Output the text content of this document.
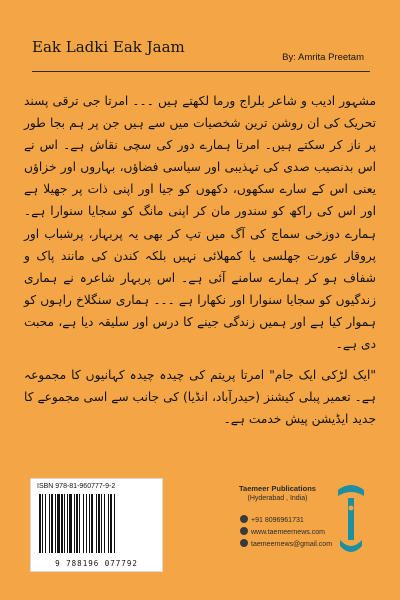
Eak Ladki Eak Jaam
By: Amrita Preetam

مشہور ادیب و شاعر بلراج ورما لکھتے ہیں ۔۔۔ امرتا جی ترقی پسند تحریک کی ان روشن ترین شخصیات میں سے ہیں جن پر ہم بجا طور پر ناز کر سکتے ہیں۔ امرتا ہمارے دور کی سچی نقاش ہے۔ اس نے اس بدنصیب صدی کی تہذیبی اور سیاسی فضاؤں، بہاروں اور خزاؤں یعنی اس کے سارے سکھوں، دکھوں کو جیا اور اپنی ذات پر جھیلا ہے اور اس کی راکھ کو سندور مان کر اپنی مانگ کو سجایا سنوارا ہے۔ ہمارے دوزخی سماج کی آگ میں تپ کر بھی یہ پربہار، پرشباب اور پروقار عورت جھلسی یا کمھلائی نہیں بلکہ کندن کی مانند پاک و شفاف ہو کر ہمارے سامنے آئی ہے۔ اس پربہار شاعرہ نے ہماری زندگیوں کو سجایا سنوارا اور نکھارا ہے ۔۔۔ ہماری سنگلاخ راہوں کو ہموار کیا ہے اور ہمیں زندگی جینے کا درس اور سلیقہ دیا ہے، محبت دی ہے۔

"ایک لڑکی ایک جام" امرتا پریتم کی چیدہ چیدہ کہانیوں کا مجموعہ ہے۔ تعمیر پبلی کیشنز (حیدرآباد، انڈیا) کی جانب سے اسی مجموعے کا جدید ایڈیشن پیش خدمت ہے۔

ISBN 978-81-960777-9-2
9 788196 077792
Taemeer Publications
(Hyderabad , India)
+91 8096961731
www.taemeernews.com
taemeernews@gmail.com
